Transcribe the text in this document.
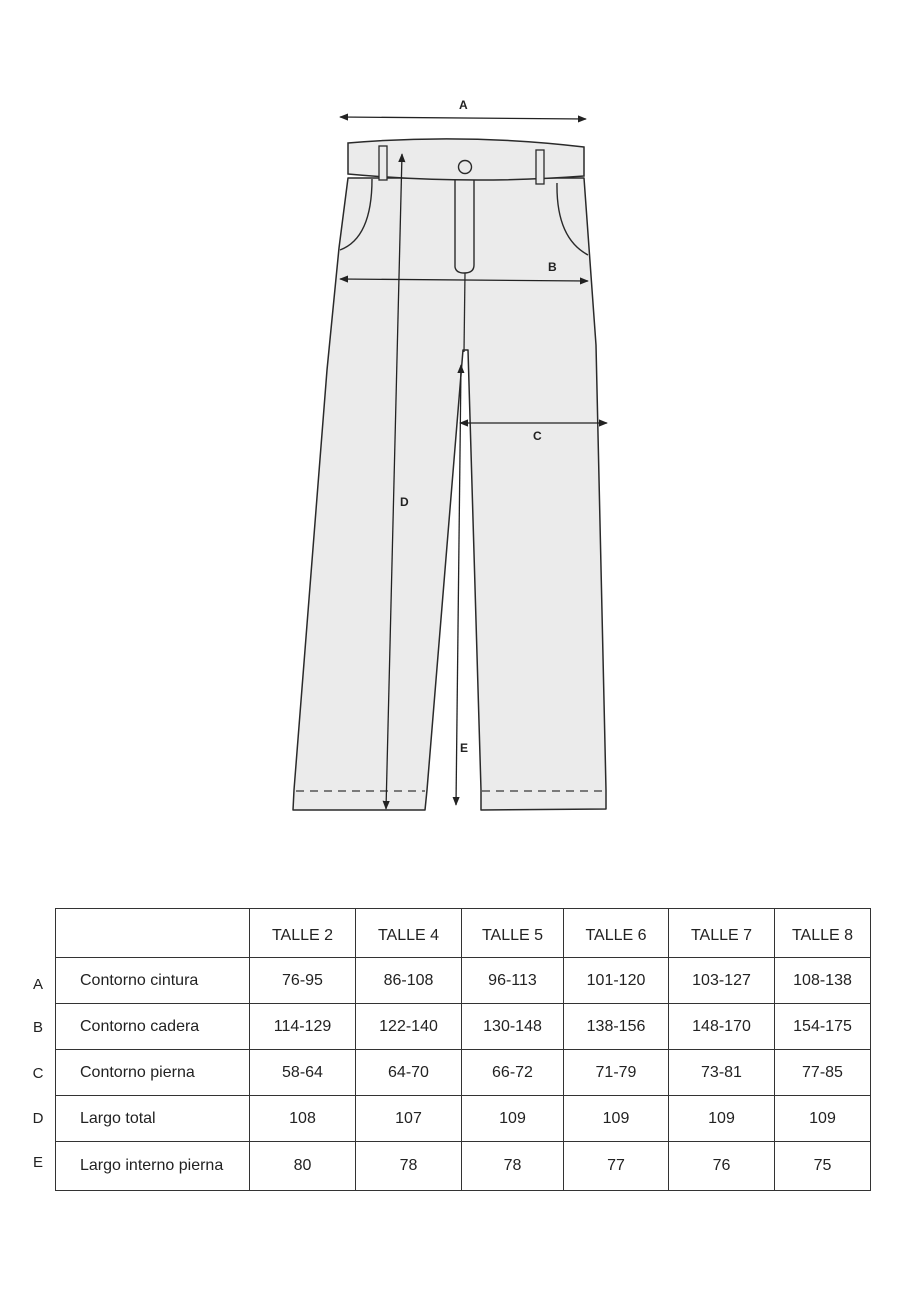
A
B
C
D
E
A
B
C
D
E
	TALLE 2	TALLE 4	TALLE 5	TALLE 6	TALLE 7	TALLE 8
Contorno cintura	76-95	86-108	96-113	101-120	103-127	108-138
Contorno cadera	114-129	122-140	130-148	138-156	148-170	154-175
Contorno pierna	58-64	64-70	66-72	71-79	73-81	77-85
Largo total	108	107	109	109	109	109
Largo interno pierna	80	78	78	77	76	75
